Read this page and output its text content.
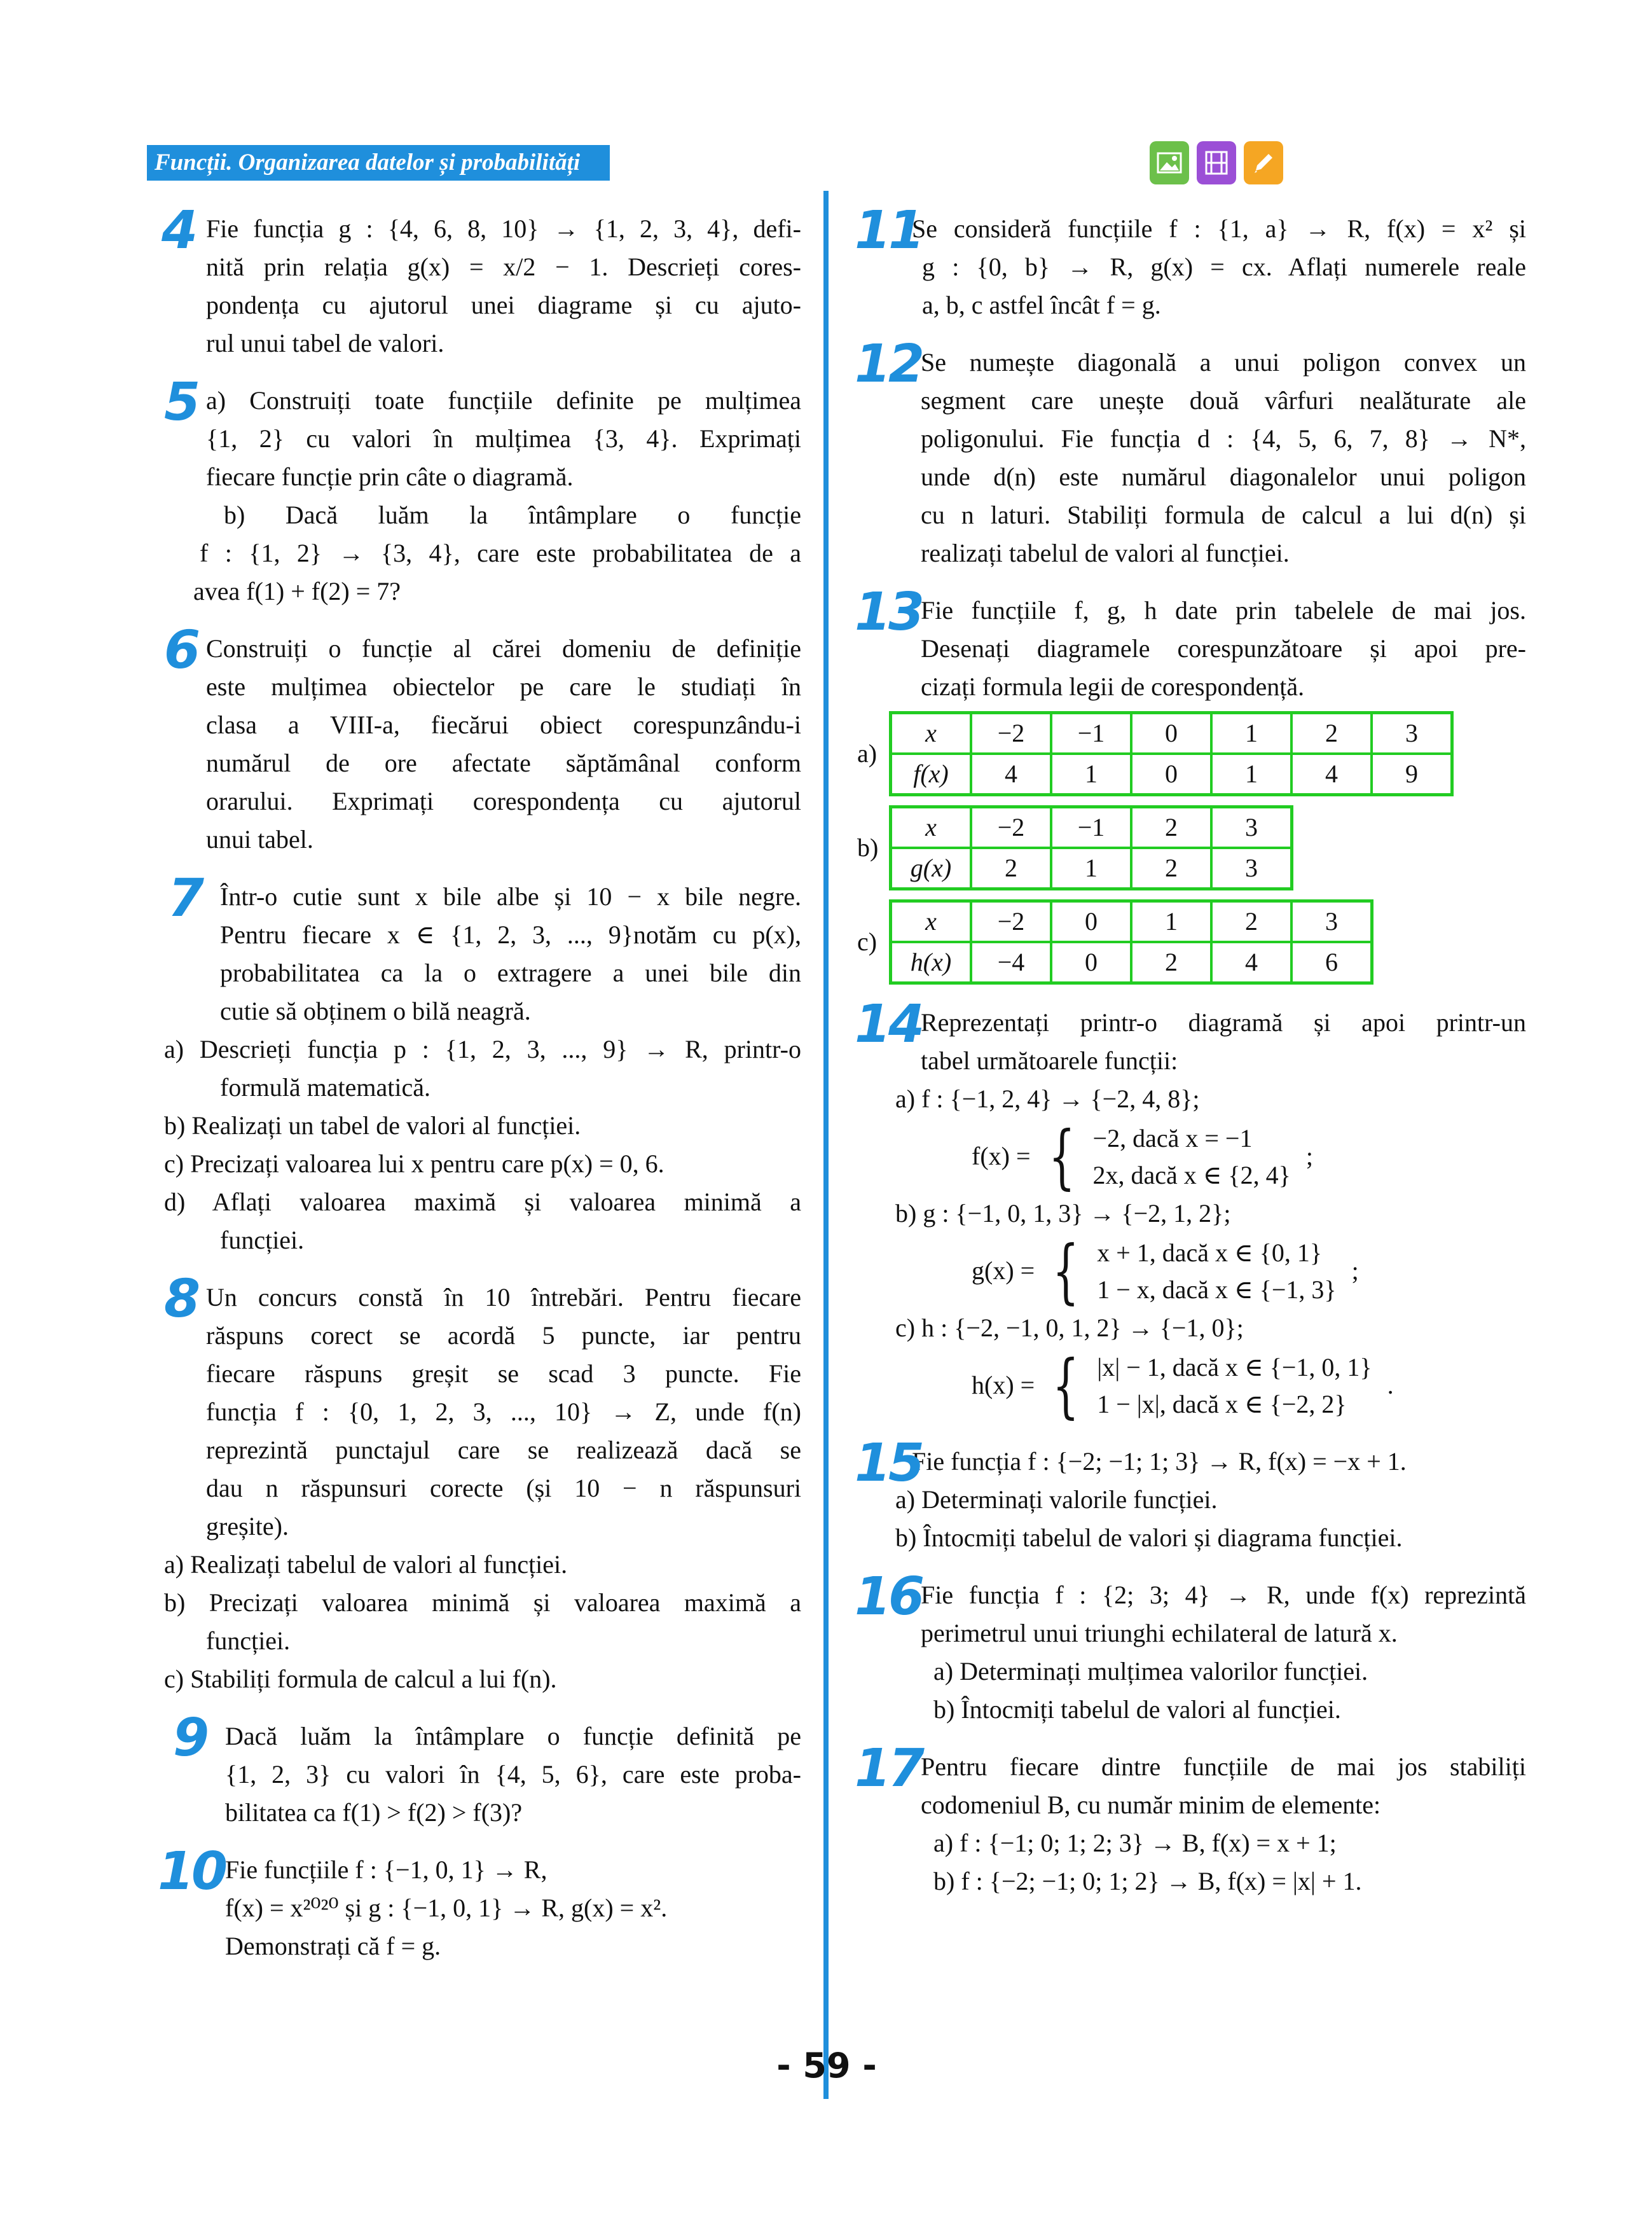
Funcții. Organizarea datelor și probabilități
4 Fie funcția g : {4, 6, 8, 10} → {1, 2, 3, 4}, defi-
nită prin relația g(x) = x/2 − 1. Descrieți cores-
pondența cu ajutorul unei diagrame și cu ajuto-
rul unui tabel de valori.
5 a) Construiți toate funcțiile definite pe mulțimea
{1, 2} cu valori în mulțimea {3, 4}. Exprimați
fiecare funcție prin câte o diagramă.
b) Dacă luăm la întâmplare o funcție
f : {1, 2} → {3, 4}, care este probabilitatea de a
avea f(1) + f(2) = 7?
6 Construiți o funcție al cărei domeniu de definiție
este mulțimea obiectelor pe care le studiați în
clasa a VIII-a, fiecărui obiect corespunzându-i
numărul de ore afectate săptămânal conform
orarului. Exprimați corespondența cu ajutorul
unui tabel.
7 Într-o cutie sunt x bile albe și 10 − x bile negre.
Pentru fiecare x ∈ {1, 2, 3, ..., 9}notăm cu p(x),
probabilitatea ca la o extragere a unei bile din
cutie să obținem o bilă neagră.
a) Descrieți funcția p : {1, 2, 3, ..., 9} → R, printr-o
formulă matematică.
b) Realizați un tabel de valori al funcției.
c) Precizați valoarea lui x pentru care p(x) = 0, 6.
d) Aflați valoarea maximă și valoarea minimă a
funcției.
8 Un concurs constă în 10 întrebări. Pentru fiecare
răspuns corect se acordă 5 puncte, iar pentru
fiecare răspuns greșit se scad 3 puncte. Fie
funcția f : {0, 1, 2, 3, ..., 10} → Z, unde f(n)
reprezintă punctajul care se realizează dacă se
dau n răspunsuri corecte (și 10 − n răspunsuri
greșite).
a) Realizați tabelul de valori al funcției.
b) Precizați valoarea minimă și valoarea maximă a
funcției.
c) Stabiliți formula de calcul a lui f(n).
9 Dacă luăm la întâmplare o funcție definită pe
{1, 2, 3} cu valori în {4, 5, 6}, care este proba-
bilitatea ca f(1) > f(2) > f(3)?
10 Fie funcțiile f : {−1, 0, 1} → R,
f(x) = x²⁰²⁰ și g : {−1, 0, 1} → R, g(x) = x².
Demonstrați că f = g.
11
Se consideră funcțiile f : {1, a} → R, f(x) = x² și
g : {0, b} → R, g(x) = cx. Aflați numerele reale
a, b, c astfel încât f = g.
12
Se numește diagonală a unui poligon convex un
segment care unește două vârfuri nealăturate ale
poligonului. Fie funcția d : {4, 5, 6, 7, 8} → N*,
unde d(n) este numărul diagonalelor unui poligon
cu n laturi. Stabiliți formula de calcul a lui d(n) și
realizați tabelul de valori al funcției.
13
Fie funcțiile f, g, h date prin tabelele de mai jos.
Desenați diagramele corespunzătoare și apoi pre-
cizați formula legii de corespondență.
a)
x	−2	−1	0	1	2	3
f(x)	4	1	0	1	4	9
b)
x	−2	−1	2	3
g(x)	2	1	2	3
c)
x	−2	0	1	2	3
h(x)	−4	0	2	4	6
14
Reprezentați printr-o diagramă și apoi printr-un
tabel următoarele funcții:
a) f : {−1, 2, 4} → {−2, 4, 8};
f(x) = { −2, dacă x = −1
2x, dacă x ∈ {2, 4}
;
b) g : {−1, 0, 1, 3} → {−2, 1, 2};
g(x) = { x + 1, dacă x ∈ {0, 1}
1 − x, dacă x ∈ {−1, 3}
;
c) h : {−2, −1, 0, 1, 2} → {−1, 0};
h(x) = { |x| − 1, dacă x ∈ {−1, 0, 1}
1 − |x|, dacă x ∈ {−2, 2}
.
15
Fie funcția f : {−2; −1; 1; 3} → R, f(x) = −x + 1.
a) Determinați valorile funcției.
b) Întocmiți tabelul de valori și diagrama funcției.
16
Fie funcția f : {2; 3; 4} → R, unde f(x) reprezintă
perimetrul unui triunghi echilateral de latură x.
a) Determinați mulțimea valorilor funcției.
b) Întocmiți tabelul de valori al funcției.
17
Pentru fiecare dintre funcțiile de mai jos stabiliți
codomeniul B, cu număr minim de elemente:
a) f : {−1; 0; 1; 2; 3} → B, f(x) = x + 1;
b) f : {−2; −1; 0; 1; 2} → B, f(x) = |x| + 1.
- 59 -
